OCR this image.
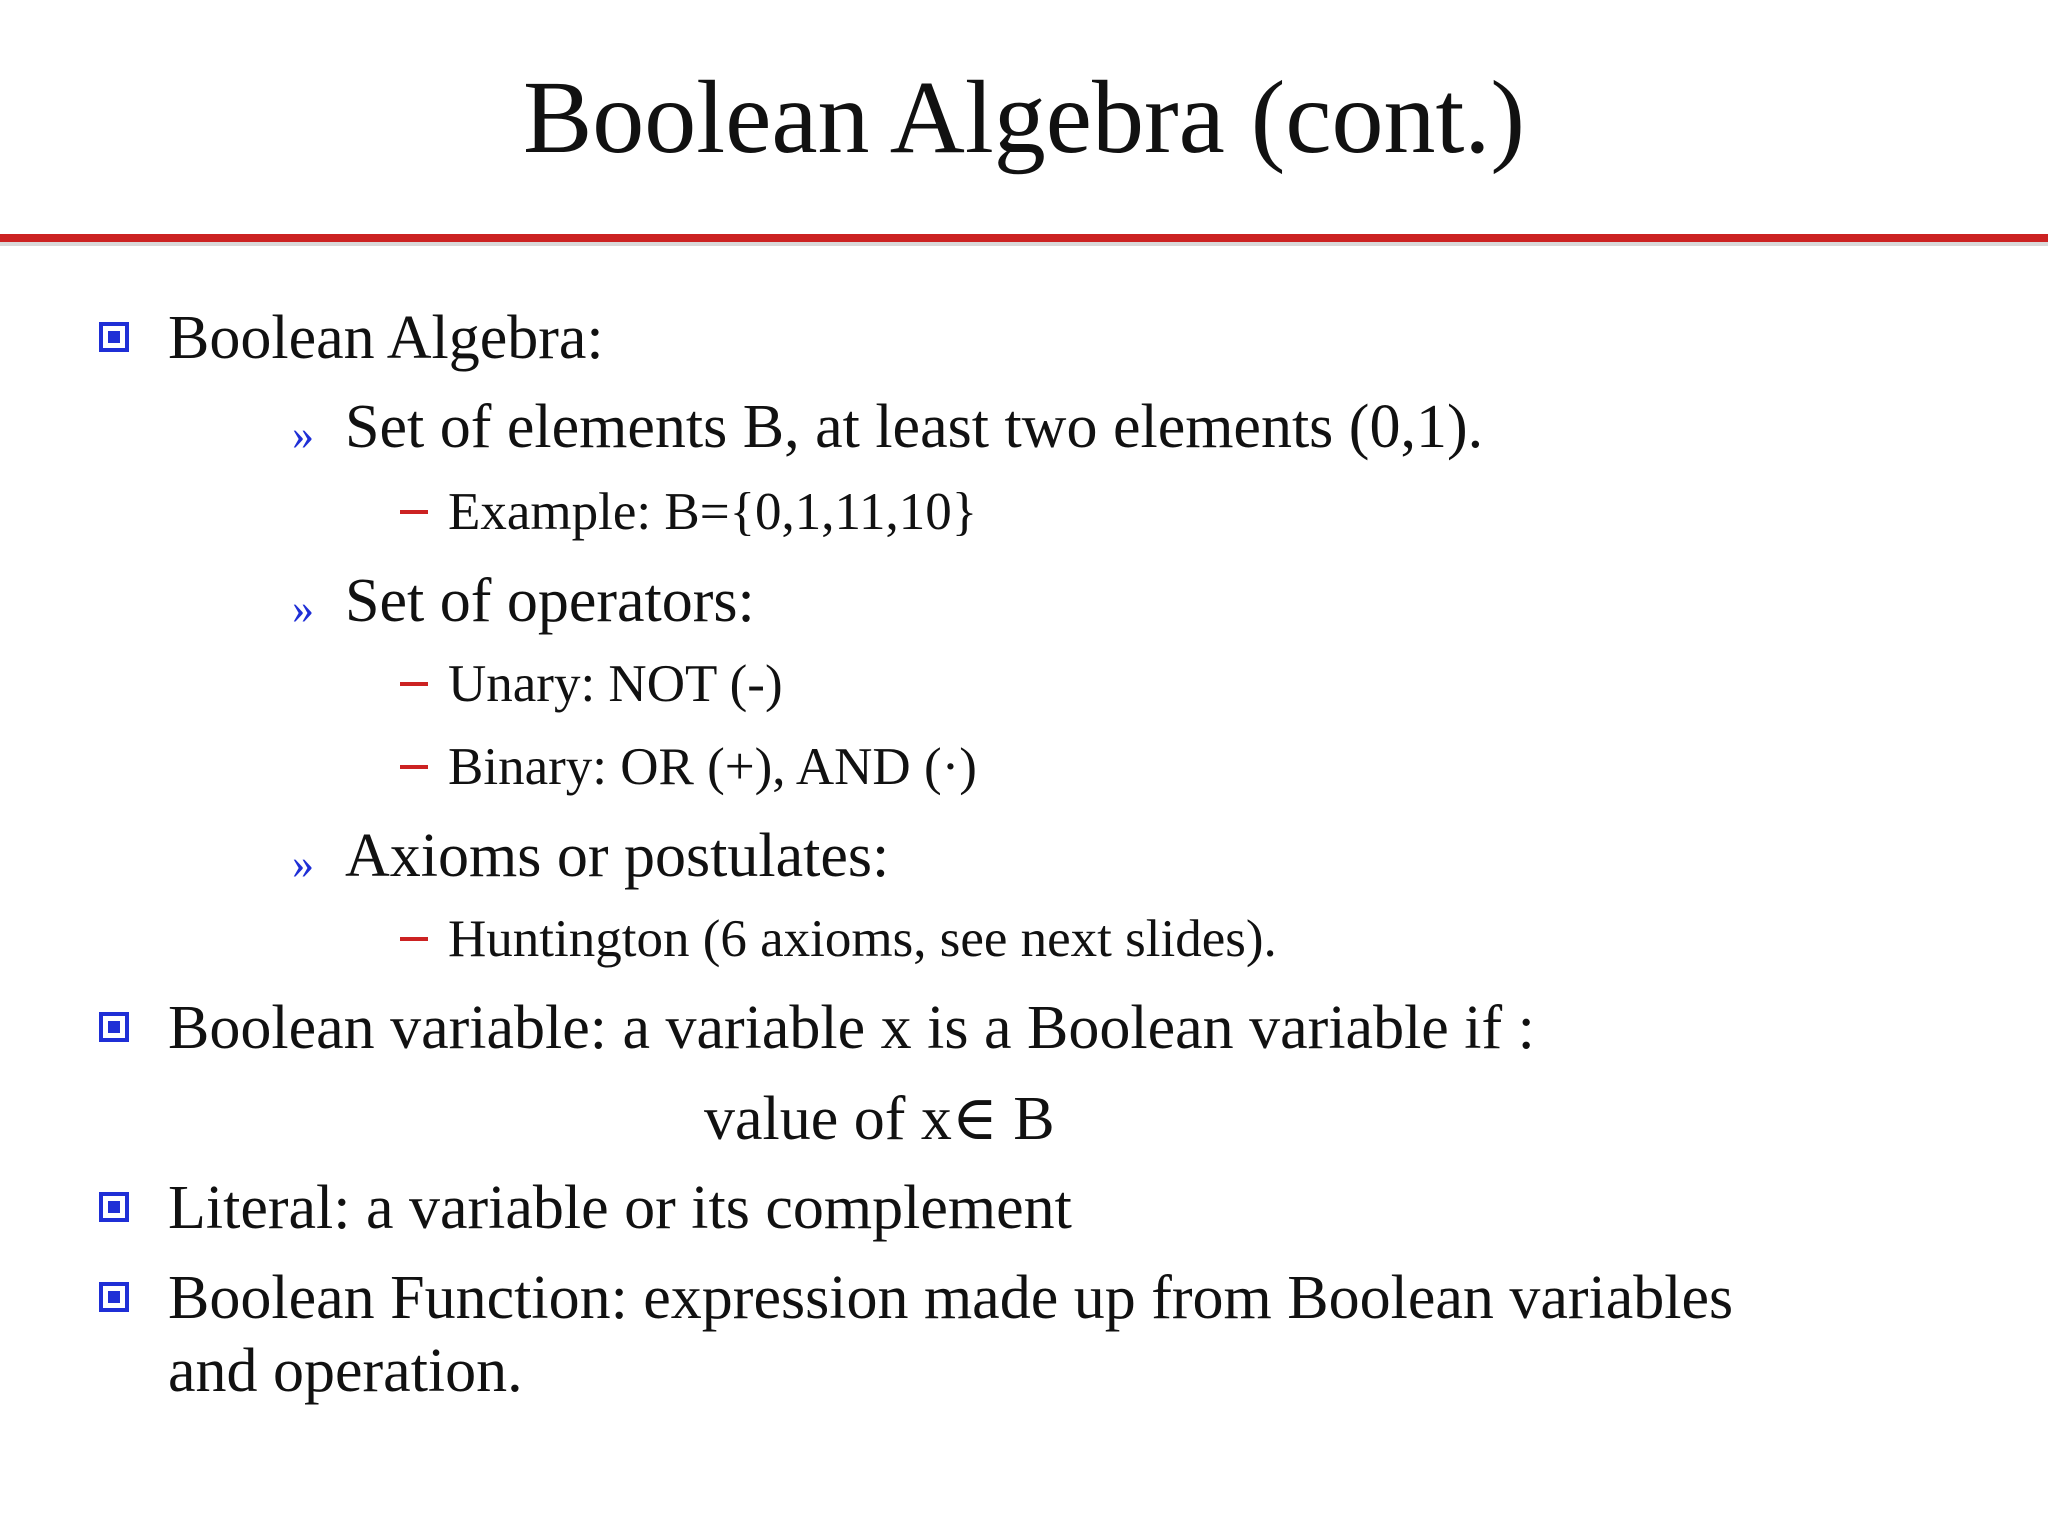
Boolean Algebra (cont.)
Boolean Algebra:
» Set of elements B, at least two elements (0,1).
Example: B={0,1,11,10}
» Set of operators:
Unary: NOT (-)
Binary: OR (+), AND (·)
» Axioms or postulates:
Huntington (6 axioms, see next slides).
Boolean variable: a variable x is a Boolean variable if :
value of x∈ B
Literal: a variable or its complement
Boolean Function: expression made up from Boolean variables
and operation.
